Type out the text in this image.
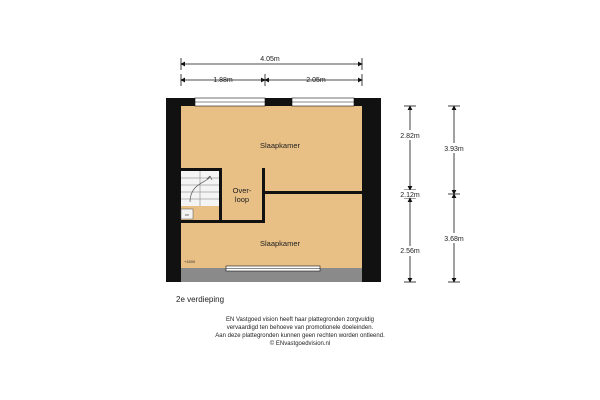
4.05m
1.88m	2.05m
2.82m
2.12m
2.56m
3.93m
3.68m
cv
Slaapkamer
Over-
loop
Slaapkamer
+1600
2e verdieping
EN Vastgoed vision heeft haar plattegronden zorgvuldig
vervaardigd ten behoeve van promotionele doeleinden.
Aan deze plattegronden kunnen geen rechten worden ontleend.
© ENvastgoedvision.nl
